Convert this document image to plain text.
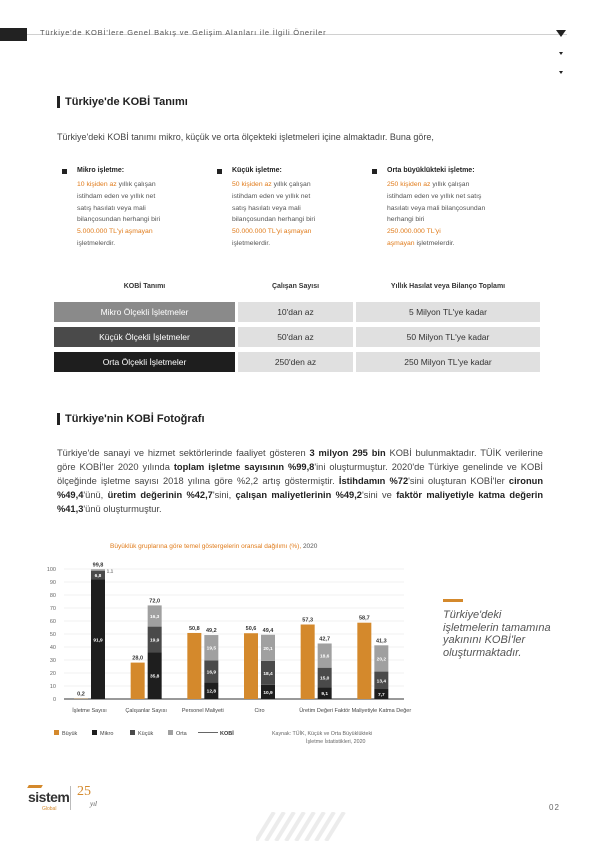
Türkiye'de KOBİ'lere Genel Bakış ve Gelişim Alanları ile İlgili Öneriler
Türkiye'de KOBİ Tanımı
Türkiye'deki KOBİ tanımı mikro, küçük ve orta ölçekteki işletmeleri içine almaktadır. Buna göre,
Mikro işletme:
10 kişiden az yıllık çalışan
istihdam eden ve yıllık net
satış hasılatı veya mali
bilançosundan herhangi biri
5.000.000 TL'yi aşmayan
işletmelerdir.
Küçük işletme:
50 kişiden az yıllık çalışan
istihdam eden ve yıllık net
satış hasılatı veya mali
bilançosundan herhangi biri
50.000.000 TL'yi aşmayan
işletmelerdir.
Orta büyüklükteki işletme:
250 kişiden az yıllık çalışan
istihdam eden ve yıllık net satış
hasılatı veya mali bilançosundan
herhangi biri
250.000.000 TL'yi
aşmayan işletmelerdir.
KOBİ Tanımı	Çalışan Sayısı	Yıllık Hasılat veya Bilanço Toplamı
Mikro Ölçekli İşletmeler	10'dan az	5 Milyon TL'ye kadar
Küçük Ölçekli İşletmeler	50'dan az	50 Milyon TL'ye kadar
Orta Ölçekli İşletmeler	250'den az	250 Milyon TL'ye kadar
Türkiye'nin KOBİ Fotoğrafı
Türkiye'de sanayi ve hizmet sektörlerinde faaliyet gösteren 3 milyon 295 bin KOBİ bulunmaktadır. TÜİK verilerine göre KOBİ'ler 2020 yılında toplam işletme sayısının %99,8'ini oluşturmuştur. 2020'de Türkiye genelinde ve KOBİ ölçeğinde işletme sayısı 2018 yılına göre %2,2 artış göstermiştir. İstihdamın %72'sini oluşturan KOBİ'ler cironun %49,4'ünü, üretim değerinin %42,7'sini, çalışan maliyetlerinin %49,2'sini ve faktör maliyetiyle katma değerin %41,3'ünü oluşturmuştur.
Büyüklük gruplarına göre temel göstergelerin oransal dağılımı (%), 2020
0
10
20
30
40
50
60
70
80
90
100
0,2
91,9
6,8
1,1
99,8
İşletme Sayısı
28,0
35,8
19,9
16,3
72,0
Çalışanlar Sayısı
50,8
12,8
16,9
19,5
49,2
Personel Maliyeti
50,6
10,9
18,4
20,1
49,4
Ciro
57,3
9,1
15,0
18,6
42,7
Üretim Değeri
58,7
7,7
13,4
20,2
41,3
Faktör Maliyetiyle Katma Değer
Büyük	Mikro	Küçük	Orta	KOBİ
Türkiye'deki işletmelerin tamamına yakınını KOBİ'ler oluşturmaktadır.
Kaynak: TÜİK, Küçük ve Orta Büyüklükteki
İşletme İstatistikleri, 2020
sistem
Global
25
yıl	02
